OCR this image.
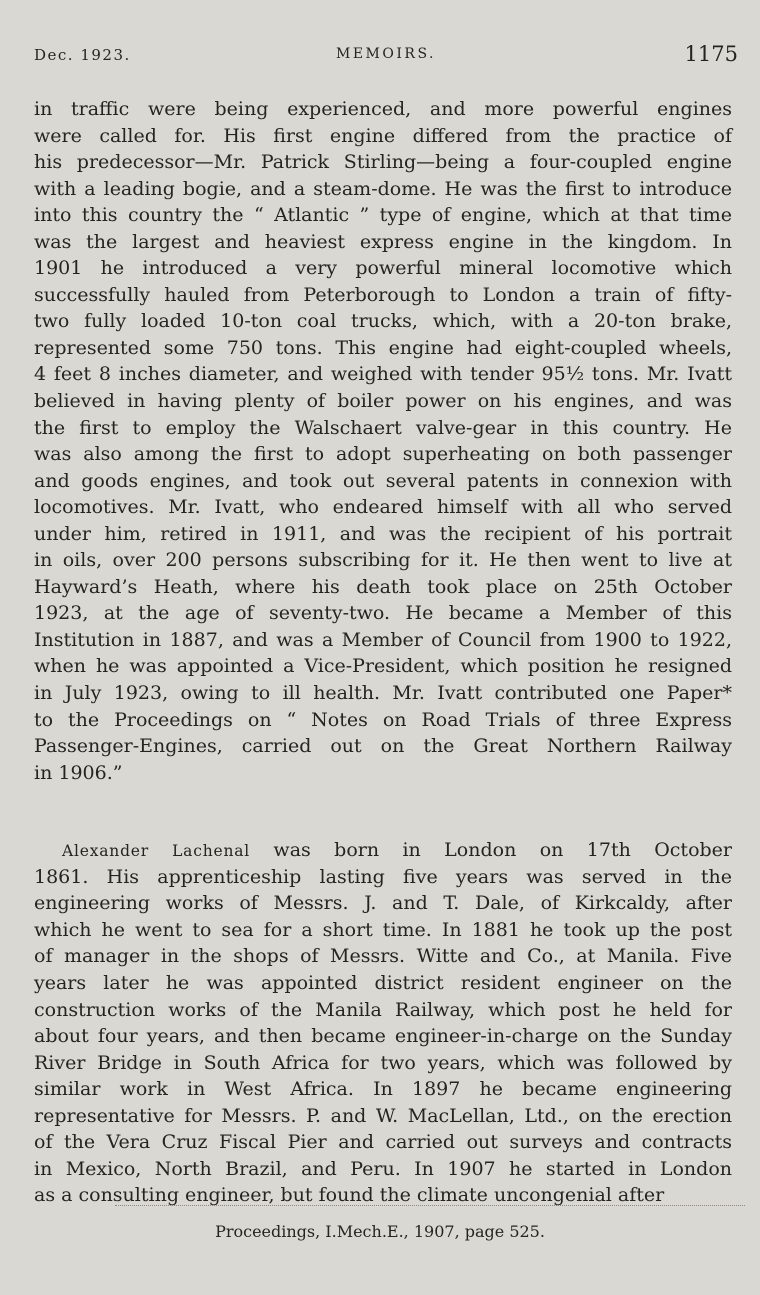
Dec. 1923.	MEMOIRS.	1175
in traffic were being experienced, and more powerful engines
were called for. His first engine differed from the practice of
his predecessor—Mr. Patrick Stirling—being a four-coupled engine
with a leading bogie, and a steam-dome. He was the first to introduce
into this country the “ Atlantic ” type of engine, which at that time
was the largest and heaviest express engine in the kingdom. In
1901 he introduced a very powerful mineral locomotive which
successfully hauled from Peterborough to London a train of fifty-
two fully loaded 10-ton coal trucks, which, with a 20-ton brake,
represented some 750 tons. This engine had eight-coupled wheels,
4 feet 8 inches diameter, and weighed with tender 95½ tons. Mr. Ivatt
believed in having plenty of boiler power on his engines, and was
the first to employ the Walschaert valve-gear in this country. He
was also among the first to adopt superheating on both passenger
and goods engines, and took out several patents in connexion with
locomotives. Mr. Ivatt, who endeared himself with all who served
under him, retired in 1911, and was the recipient of his portrait
in oils, over 200 persons subscribing for it. He then went to live at
Hayward’s Heath, where his death took place on 25th October
1923, at the age of seventy-two. He became a Member of this
Institution in 1887, and was a Member of Council from 1900 to 1922,
when he was appointed a Vice-President, which position he resigned
in July 1923, owing to ill health. Mr. Ivatt contributed one Paper*
to the Proceedings on “ Notes on Road Trials of three Express
Passenger-Engines, carried out on the Great Northern Railway
in 1906.”
Alexander Lachenal was born in London on 17th October
1861. His apprenticeship lasting five years was served in the
engineering works of Messrs. J. and T. Dale, of Kirkcaldy, after
which he went to sea for a short time. In 1881 he took up the post
of manager in the shops of Messrs. Witte and Co., at Manila. Five
years later he was appointed district resident engineer on the
construction works of the Manila Railway, which post he held for
about four years, and then became engineer-in-charge on the Sunday
River Bridge in South Africa for two years, which was followed by
similar work in West Africa. In 1897 he became engineering
representative for Messrs. P. and W. MacLellan, Ltd., on the erection
of the Vera Cruz Fiscal Pier and carried out surveys and contracts
in Mexico, North Brazil, and Peru. In 1907 he started in London
as a consulting engineer, but found the climate uncongenial after
Proceedings, I.Mech.E., 1907, page 525.
